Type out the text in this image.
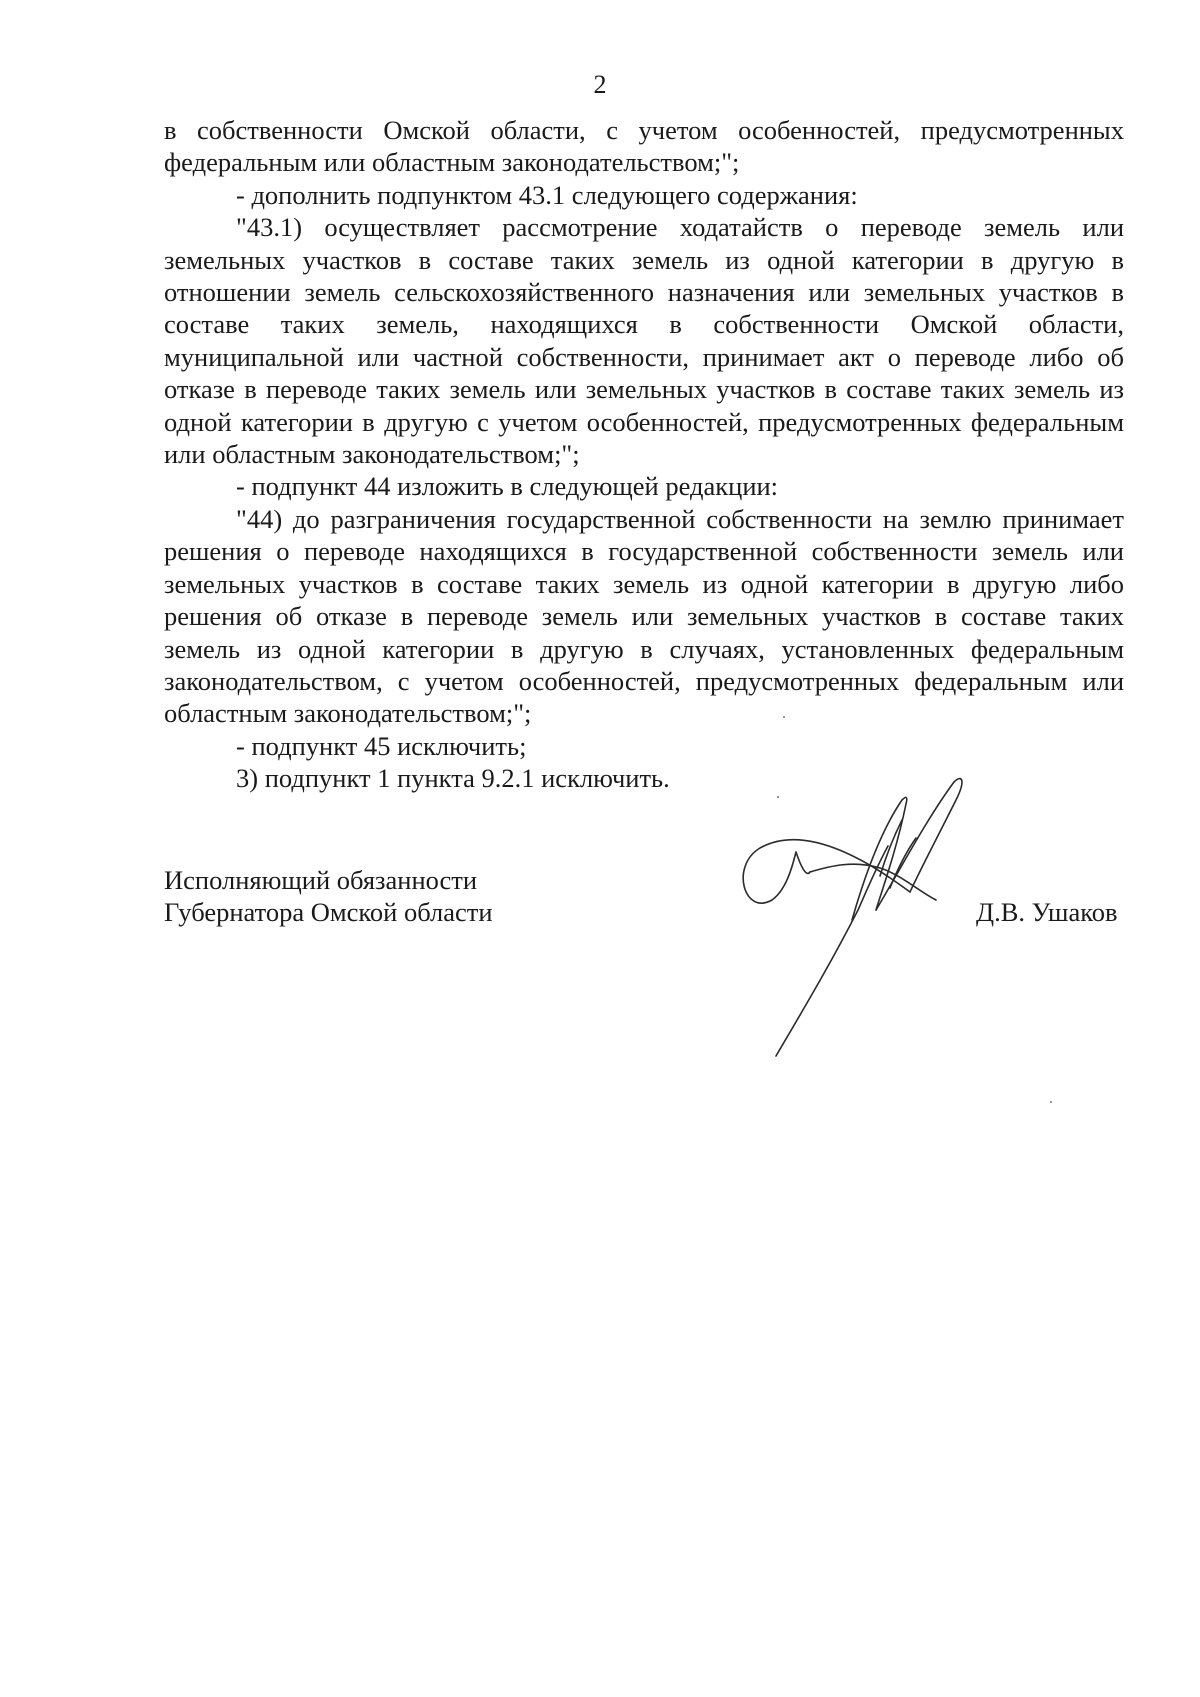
2

в собственности Омской области, с учетом особенностей, предусмотренных федеральным или областным законодательством;";

- дополнить подпунктом 43.1 следующего содержания:

"43.1) осуществляет рассмотрение ходатайств о переводе земель или земельных участков в составе таких земель из одной категории в другую в отношении земель сельскохозяйственного назначения или земельных участков в составе таких земель, находящихся в собственности Омской области, муниципальной или частной собственности, принимает акт о переводе либо об отказе в переводе таких земель или земельных участков в составе таких земель из одной категории в другую с учетом особенностей, предусмотренных федеральным или областным законодательством;";

- подпункт 44 изложить в следующей редакции:

"44) до разграничения государственной собственности на землю принимает решения о переводе находящихся в государственной собственности земель или земельных участков в составе таких земель из одной категории в другую либо решения об отказе в переводе земель или земельных участков в составе таких земель из одной категории в другую в случаях, установленных федеральным законодательством, с учетом особенностей, предусмотренных федеральным или областным законодательством;";

- подпункт 45 исключить;

3) подпункт 1 пункта 9.2.1 исключить.

Исполняющий обязанности
Губернатора Омской области	Д.В. Ушаков
